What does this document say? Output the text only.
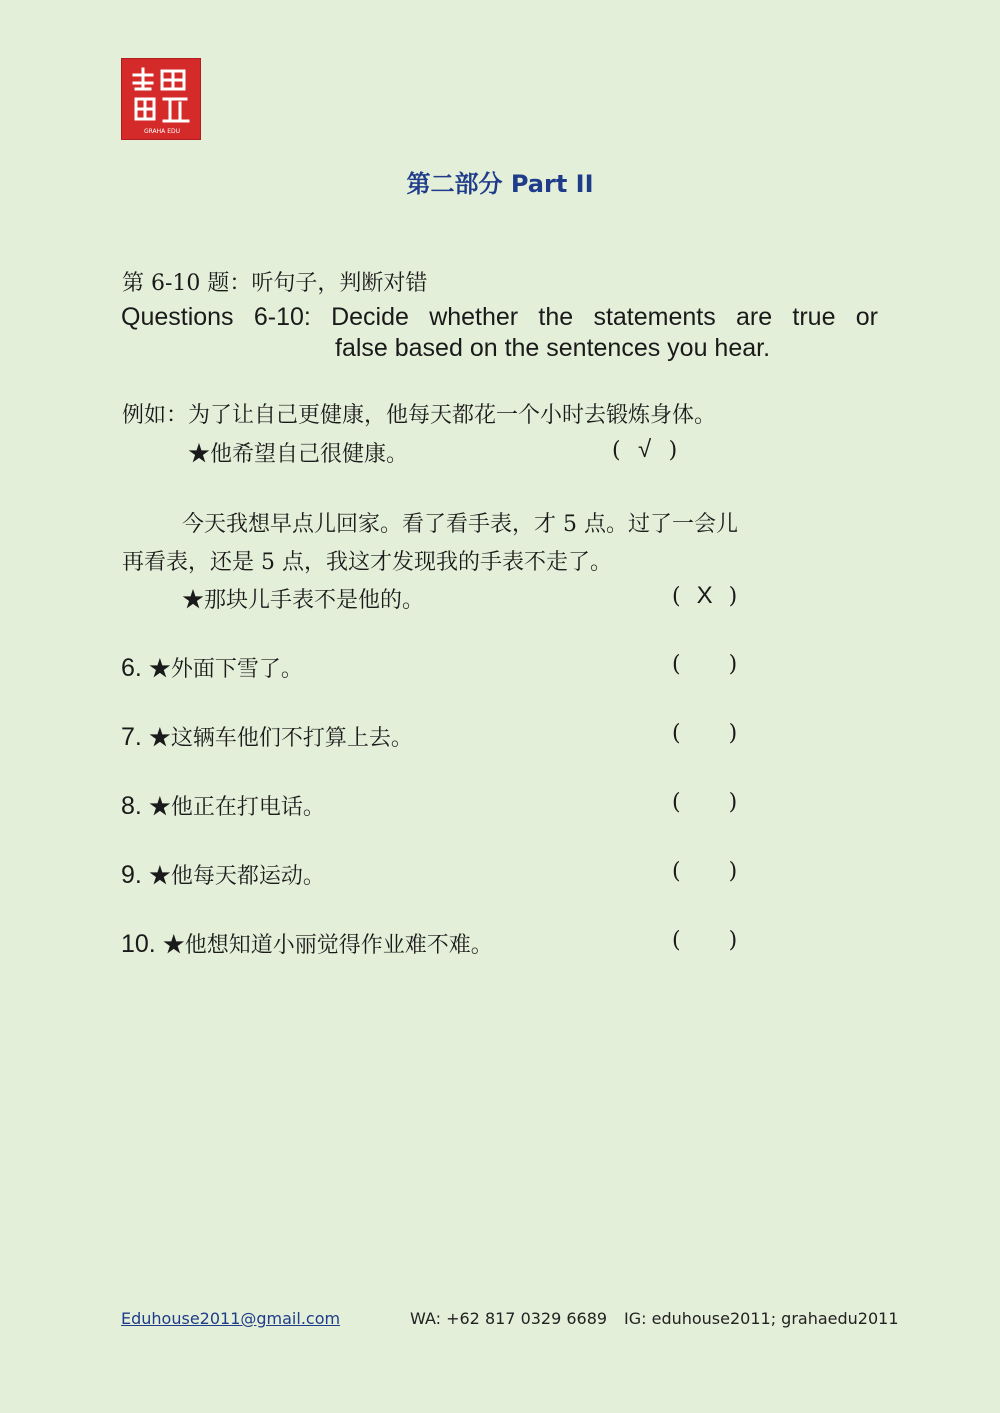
GRAHA EDU
第二部分 Part II
第 6-10 题：听句子，判断对错
Questions 6-10: Decide whether the statements are true or
false based on the sentences you hear.
例如：为了让自己更健康，他每天都花一个小时去锻炼身体。
★他希望自己很健康。	( √ )
今天我想早点儿回家。看了看手表，才 5 点。过了一会儿
再看表，还是 5 点，我这才发现我的手表不走了。
★那块儿手表不是他的。	( X )
6. ★外面下雪了。	(  )
7. ★这辆车他们不打算上去。	(  )
8. ★他正在打电话。	(  )
9. ★他每天都运动。	(  )
10. ★他想知道小丽觉得作业难不难。	(  )
Eduhouse2011@gmail.com	WA: +62 817 0329 6689 IG: eduhouse2011; grahaedu2011
